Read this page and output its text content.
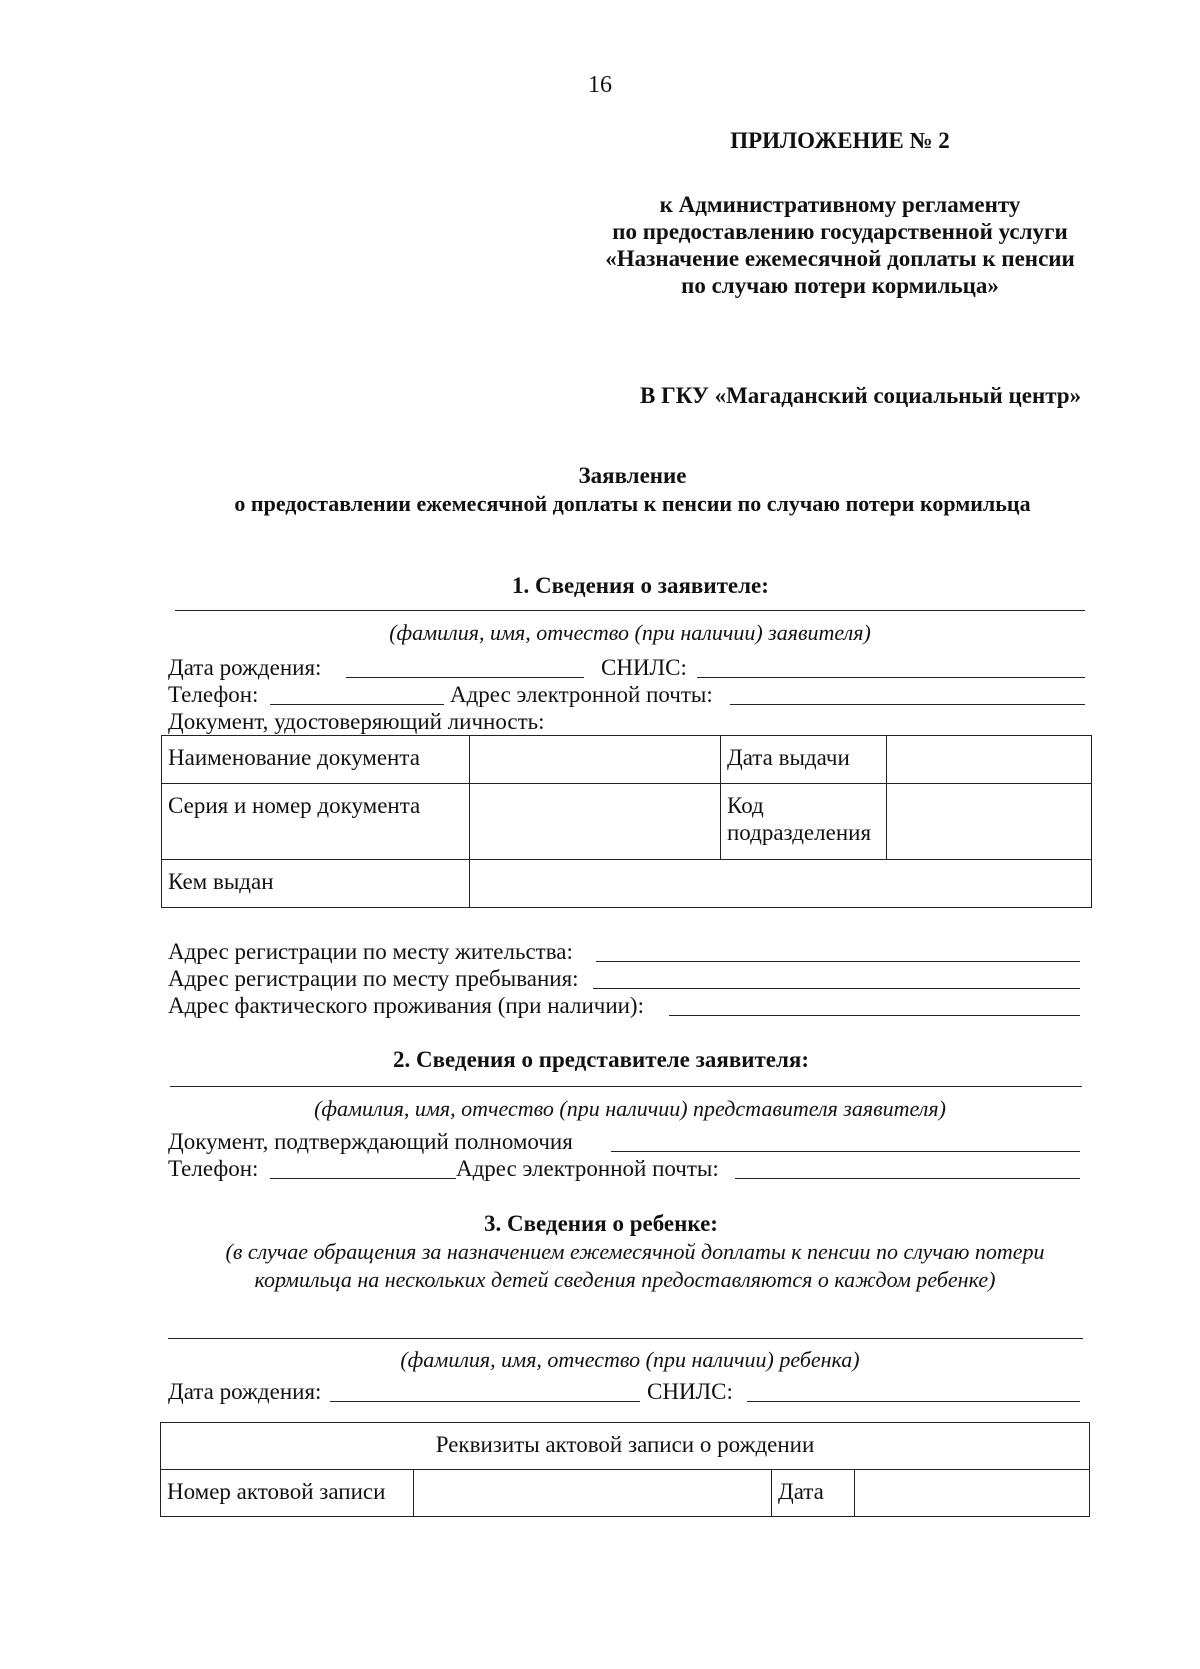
16
ПРИЛОЖЕНИЕ № 2
к Административному регламенту
по предоставлению государственной услуги
«Назначение ежемесячной доплаты к пенсии
по случаю потери кормильца»
В ГКУ «Магаданский социальный центр»
Заявление
о предоставлении ежемесячной доплаты к пенсии по случаю потери кормильца
1. Сведения о заявителе:
(фамилия, имя, отчество (при наличии) заявителя)
Дата рождения:	СНИЛС:
Телефон:	Адрес электронной почты:
Документ, удостоверяющий личность:
Наименование документа		Дата выдачи	
Серия и номер документа		Код подразделения	
Кем выдан			
Адрес регистрации по месту жительства:
Адрес регистрации по месту пребывания:
Адрес фактического проживания (при наличии):
2. Сведения о представителе заявителя:
(фамилия, имя, отчество (при наличии) представителя заявителя)
Документ, подтверждающий полномочия
Телефон:	Адрес электронной почты:
3. Сведения о ребенке:
(в случае обращения за назначением ежемесячной доплаты к пенсии по случаю потери
кормильца на нескольких детей сведения предоставляются о каждом ребенке)
(фамилия, имя, отчество (при наличии) ребенка)
Дата рождения:	СНИЛС:
Реквизиты актовой записи о рождении
Номер актовой записи		Дата	
